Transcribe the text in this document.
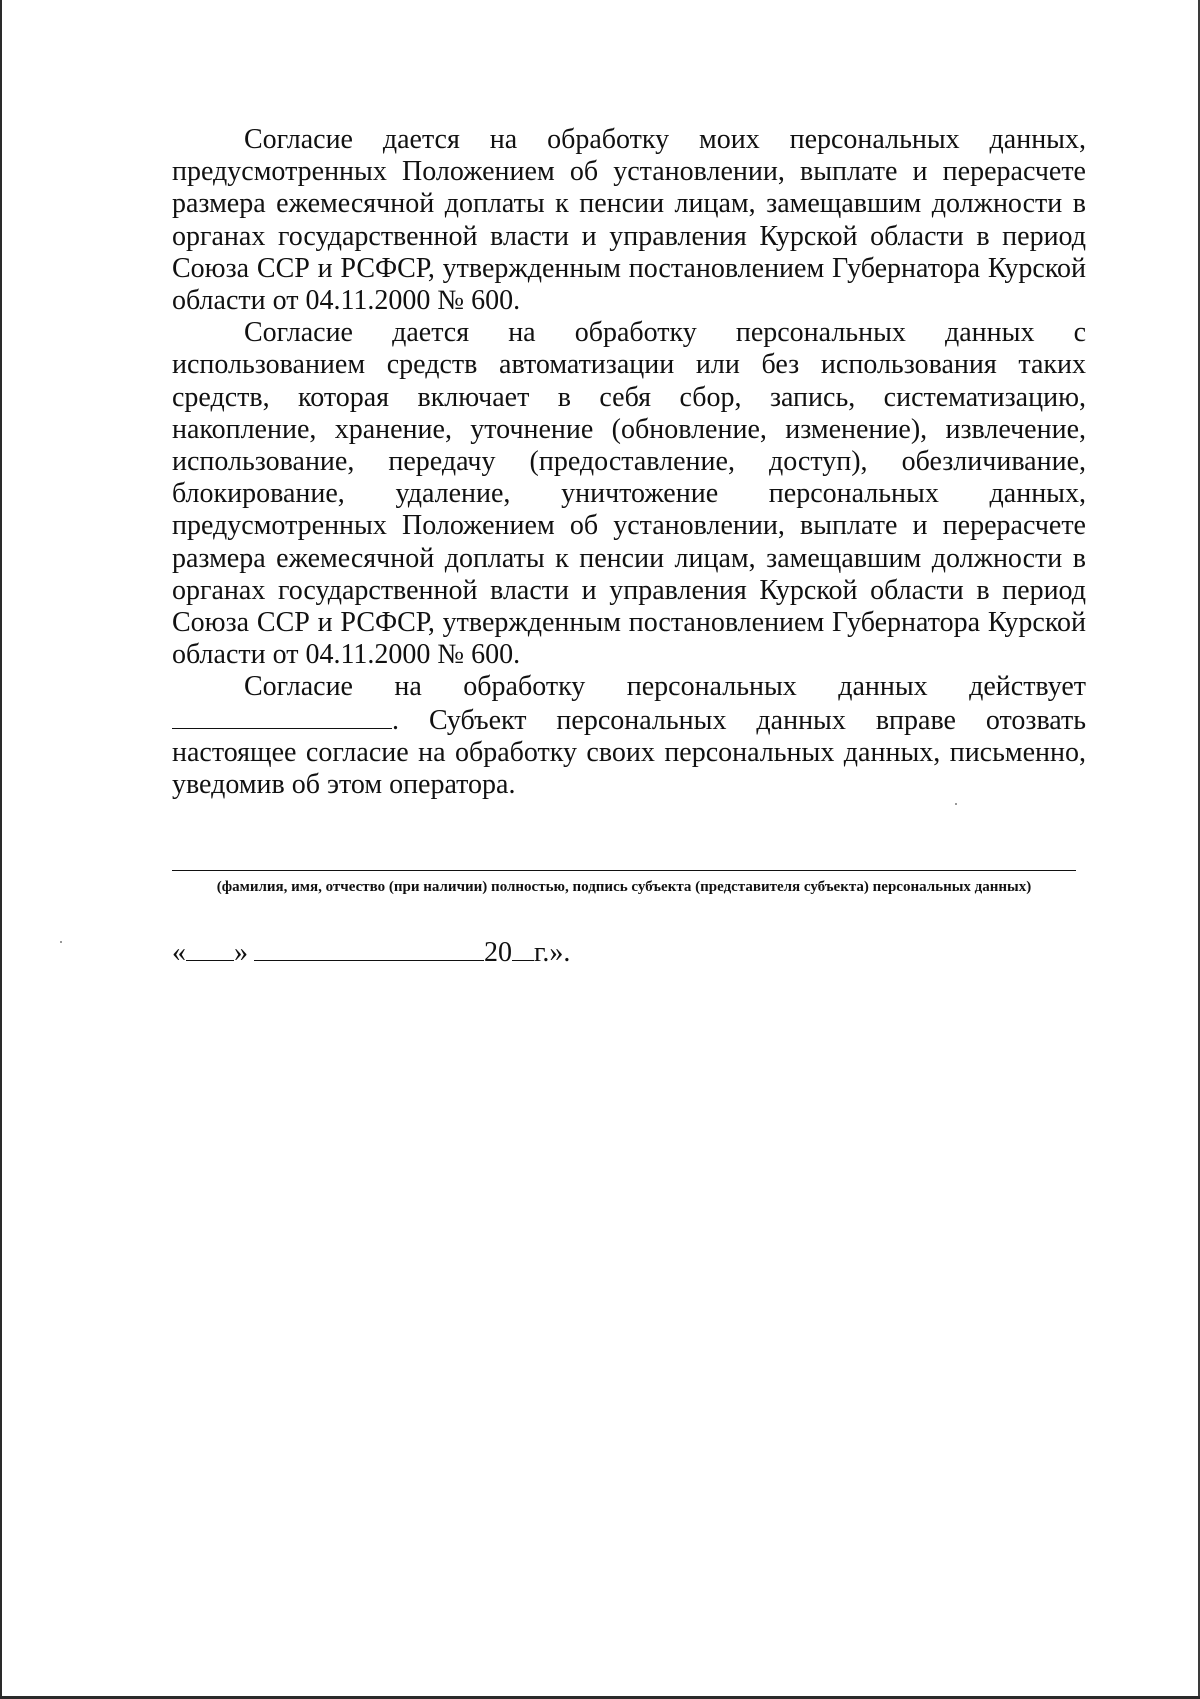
Согласие дается на обработку моих персональных данных, предусмотренных Положением об установлении, выплате и перерасчете размера ежемесячной доплаты к пенсии лицам, замещавшим должности в органах государственной власти и управления Курской области в период Союза ССР и РСФСР, утвержденным постановлением Губернатора Курской области от 04.11.2000 № 600.

Согласие дается на обработку персональных данных с использованием средств автоматизации или без использования таких средств, которая включает в себя сбор, запись, систематизацию, накопление, хранение, уточнение (обновление, изменение), извлечение, использование, передачу (предоставление, доступ), обезличивание, блокирование, удаление, уничтожение персональных данных, предусмотренных Положением об установлении, выплате и перерасчете размера ежемесячной доплаты к пенсии лицам, замещавшим должности в органах государственной власти и управления Курской области в период Союза ССР и РСФСР, утвержденным постановлением Губернатора Курской области от 04.11.2000 № 600.

Согласие на обработку персональных данных действует . Субъект персональных данных вправе отозвать настоящее согласие на обработку своих персональных данных, письменно, уведомив об этом оператора.

(фамилия, имя, отчество (при наличии) полностью, подпись субъекта (представителя субъекта) персональных данных)

« »	20 г.».
